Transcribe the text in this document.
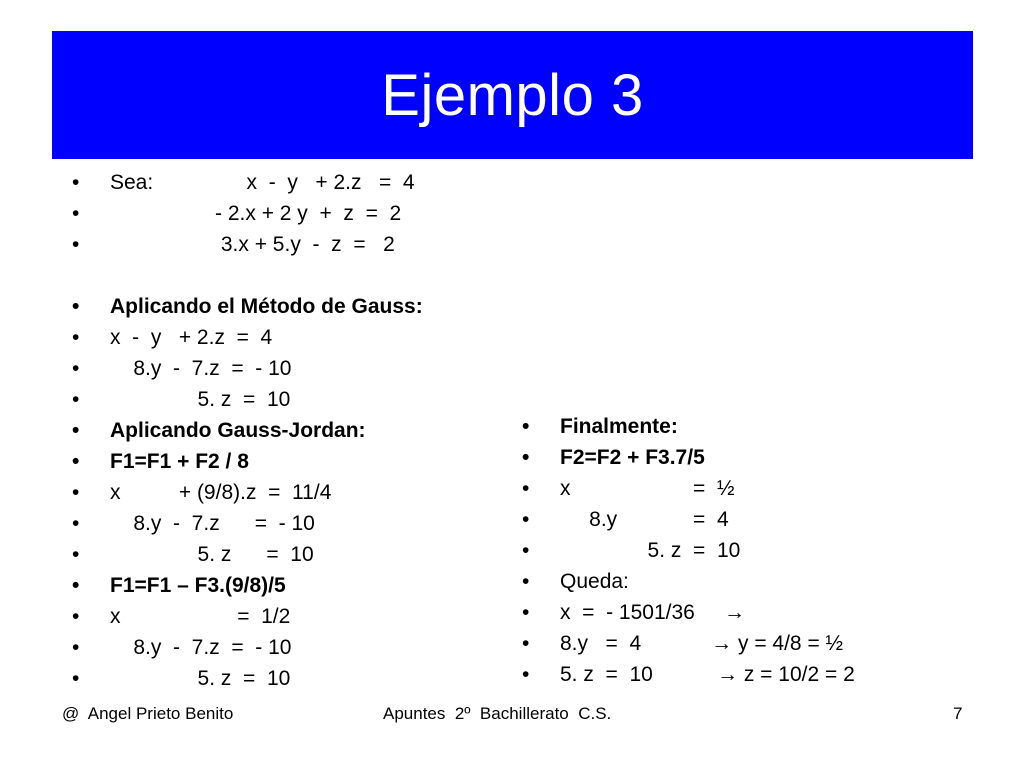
Ejemplo 3
• Sea:                x  -  y   + 2.z   =  4
•                   - 2.x + 2 y  +  z  =  2
•                    3.x + 5.y  -  z  =   2
• Aplicando el Método de Gauss:
• x  -  y   + 2.z  =  4
•     8.y  -  7.z  =  - 10
•                5. z  =  10
• Aplicando Gauss-Jordan:
• F1=F1 + F2 / 8
• x          + (9/8).z  =  11/4
•     8.y  -  7.z      =  - 10
•                5. z      =  10
• F1=F1 – F3.(9/8)/5
• x                    =  1/2
•     8.y  -  7.z  =  - 10
•                5. z  =  10
• Finalmente:
• F2=F2 + F3.7/5
• x                     =  ½
•      8.y             =  4
•                5. z  =  10
• Queda:
• x  =  - 1501/36     →
• 8.y   =  4            → y = 4/8 = ½
• 5. z  =  10           → z = 10/2 = 2
@  Angel Prieto Benito	Apuntes  2º  Bachillerato  C.S.	7
